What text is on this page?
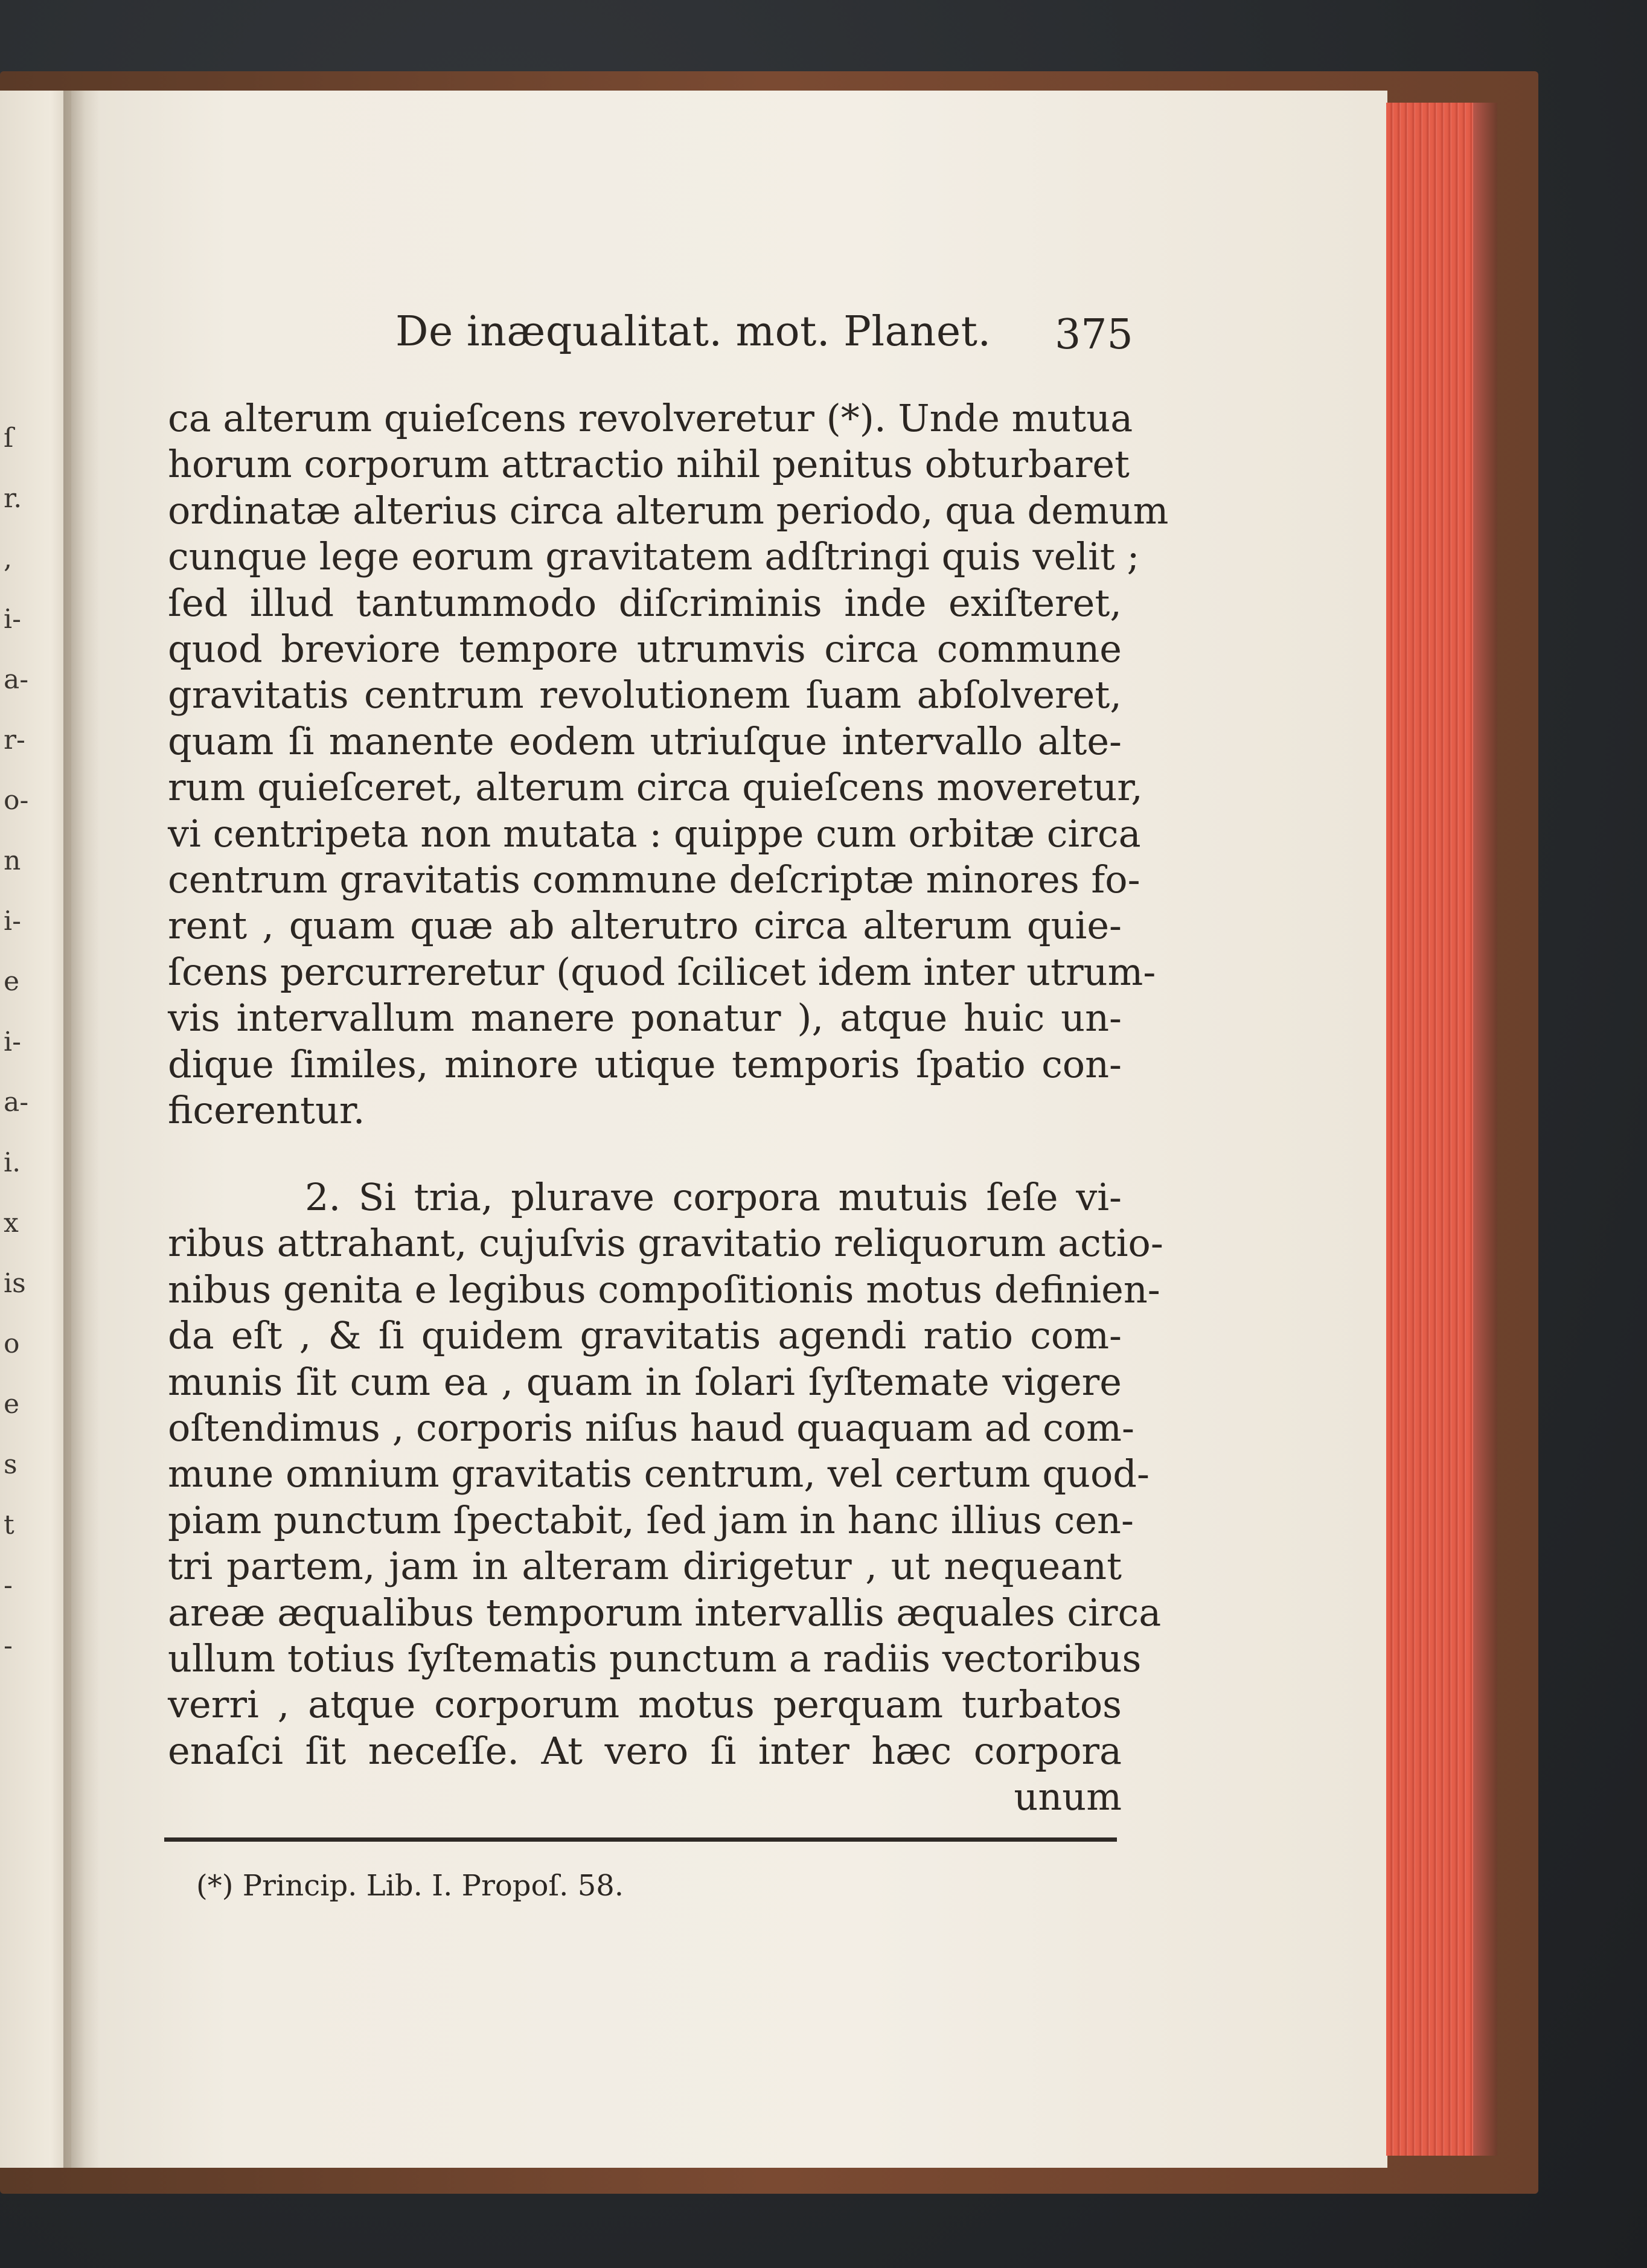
ſ
r.
,
i-
a-
r-
o-
n
i-
e
i-
a-
i.
x
is
o
e
s
t
-
-
De inæqualitat. mot. Planet. 375
ca alterum quieſcens revolveretur (*). Unde mutua
horum corporum attractio nihil penitus obturbaret
ordinatæ alterius circa alterum periodo, qua demum
cunque lege eorum gravitatem adſtringi quis velit ;
ſed illud tantummodo diſcriminis inde exiſteret,
quod breviore tempore utrumvis circa commune
gravitatis centrum revolutionem ſuam abſolveret,
quam ſi manente eodem utriuſque intervallo alte-
rum quieſceret, alterum circa quieſcens moveretur,
vi centripeta non mutata : quippe cum orbitæ circa
centrum gravitatis commune deſcriptæ minores fo-
rent , quam quæ ab alterutro circa alterum quie-
ſcens percurreretur (quod ſcilicet idem inter utrum-
vis intervallum manere ponatur ), atque huic un-
dique ſimiles, minore utique temporis ſpatio con-
ficerentur.
2. Si tria, plurave corpora mutuis ſeſe vi-
ribus attrahant, cujuſvis gravitatio reliquorum actio-
nibus genita e legibus compoſitionis motus definien-
da eſt , & ſi quidem gravitatis agendi ratio com-
munis ſit cum ea , quam in ſolari ſyſtemate vigere
oſtendimus , corporis niſus haud quaquam ad com-
mune omnium gravitatis centrum, vel certum quod-
piam punctum ſpectabit, ſed jam in hanc illius cen-
tri partem, jam in alteram dirigetur , ut nequeant
areæ æqualibus temporum intervallis æquales circa
ullum totius ſyſtematis punctum a radiis vectoribus
verri , atque corporum motus perquam turbatos
enaſci ſit neceſſe. At vero ſi inter hæc corpora
unum
(*) Princip. Lib. I. Propoſ. 58.
